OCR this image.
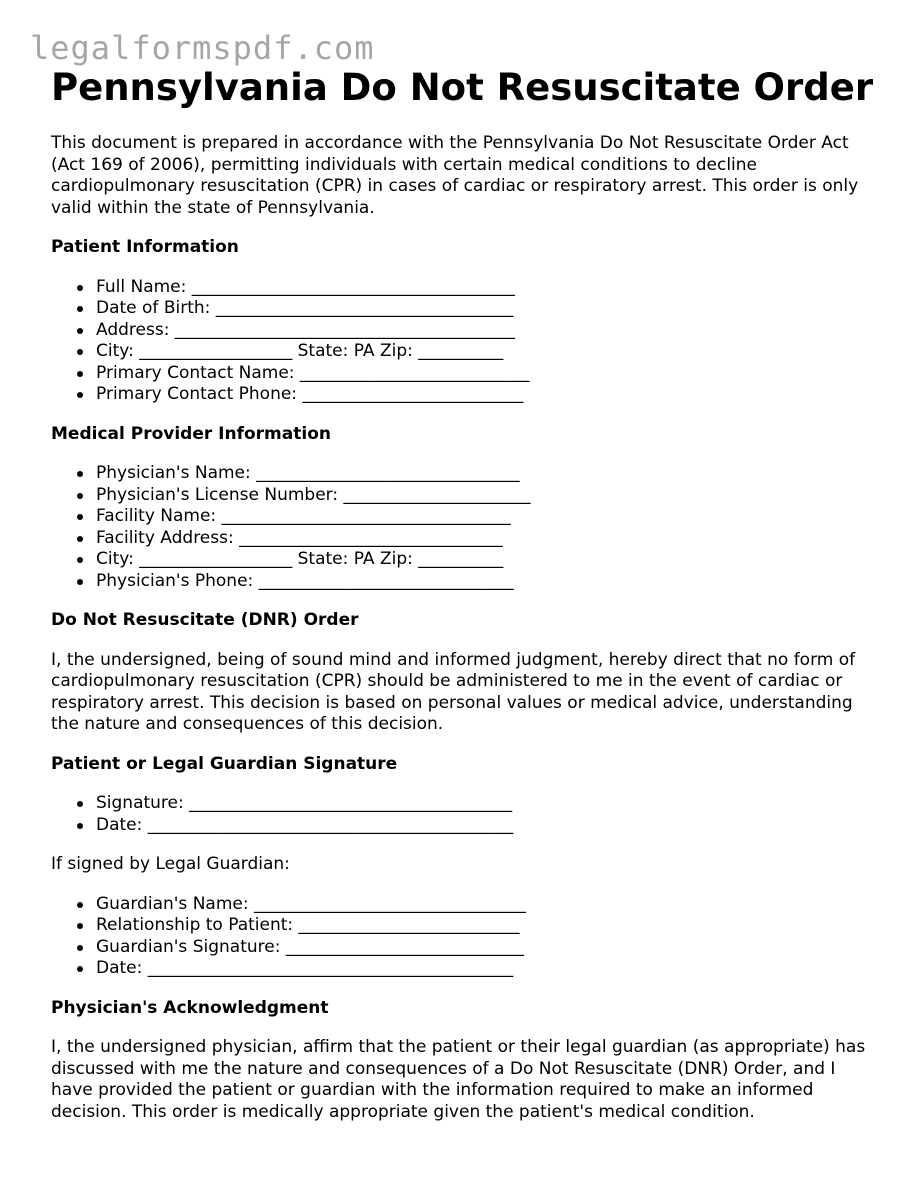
legalformspdf.com
Pennsylvania Do Not Resuscitate Order

This document is prepared in accordance with the Pennsylvania Do Not Resuscitate Order Act (Act 169 of 2006), permitting individuals with certain medical conditions to decline cardiopulmonary resuscitation (CPR) in cases of cardiac or respiratory arrest. This order is only valid within the state of Pennsylvania.

Patient Information
Full Name: ______________________________________
Date of Birth: ___________________________________
Address: ________________________________________
City: __________________ State: PA Zip: __________
Primary Contact Name: ___________________________
Primary Contact Phone: __________________________
Medical Provider Information
Physician's Name: _______________________________
Physician's License Number: ______________________
Facility Name: __________________________________
Facility Address: _______________________________
City: __________________ State: PA Zip: __________
Physician's Phone: ______________________________
Do Not Resuscitate (DNR) Order

I, the undersigned, being of sound mind and informed judgment, hereby direct that no form of cardiopulmonary resuscitation (CPR) should be administered to me in the event of cardiac or respiratory arrest. This decision is based on personal values or medical advice, understanding the nature and consequences of this decision.

Patient or Legal Guardian Signature
Signature: ______________________________________
Date: ___________________________________________

If signed by Legal Guardian:

Guardian's Name: ________________________________
Relationship to Patient: __________________________
Guardian's Signature: ____________________________
Date: ___________________________________________
Physician's Acknowledgment

I, the undersigned physician, affirm that the patient or their legal guardian (as appropriate) has discussed with me the nature and consequences of a Do Not Resuscitate (DNR) Order, and I have provided the patient or guardian with the information required to make an informed decision. This order is medically appropriate given the patient's medical condition.
